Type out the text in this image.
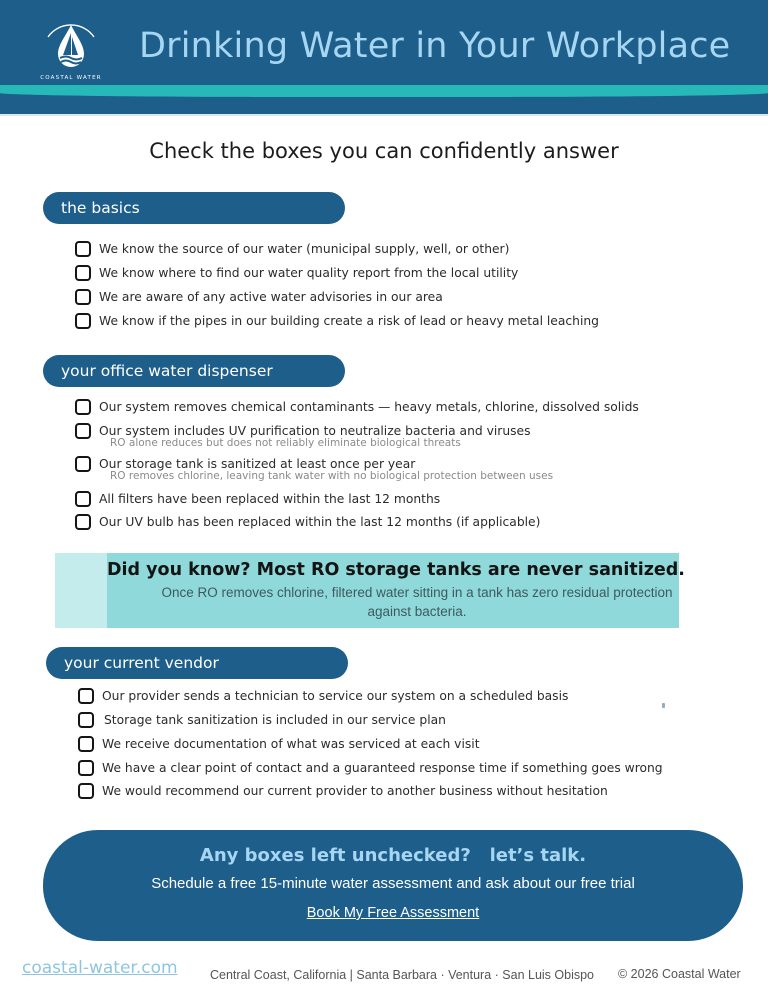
COASTAL WATER
Drinking Water in Your Workplace
Check the boxes you can confidently answer
the basics
We know the source of our water (municipal supply, well, or other)
We know where to find our water quality report from the local utility
We are aware of any active water advisories in our area
We know if the pipes in our building create a risk of lead or heavy metal leaching
your office water dispenser
Our system removes chemical contaminants — heavy metals, chlorine, dissolved solids
Our system includes UV purification to neutralize bacteria and viruses
RO alone reduces but does not reliably eliminate biological threats
Our storage tank is sanitized at least once per year
RO removes chlorine, leaving tank water with no biological protection between uses
All filters have been replaced within the last 12 months
Our UV bulb has been replaced within the last 12 months (if applicable)
Did you know? Most RO storage tanks are never sanitized.
Once RO removes chlorine, filtered water sitting in a tank has zero residual protection against bacteria.
your current vendor
Our provider sends a technician to service our system on a scheduled basis
Storage tank sanitization is included in our service plan
We receive documentation of what was serviced at each visit
We have a clear point of contact and a guaranteed response time if something goes wrong
We would recommend our current provider to another business without hesitation
Any boxes left unchecked?   let’s talk.
Schedule a free 15-minute water assessment and ask about our free trial
Book My Free Assessment
coastal-water.com	Central Coast, California | Santa Barbara · Ventura · San Luis Obispo © 2026 Coastal Water
